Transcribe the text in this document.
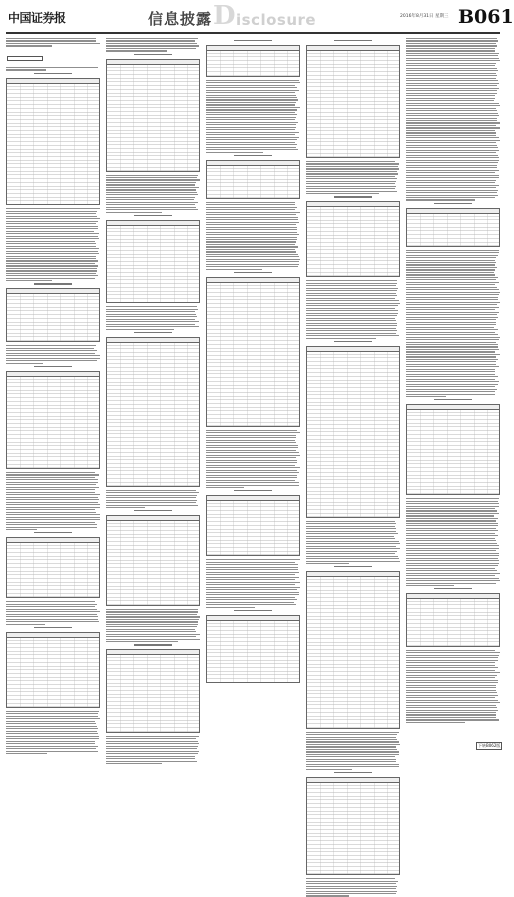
中国证券报	信息披露 D isclosure	2016年8月31日 星期三 B061
下转B062版
